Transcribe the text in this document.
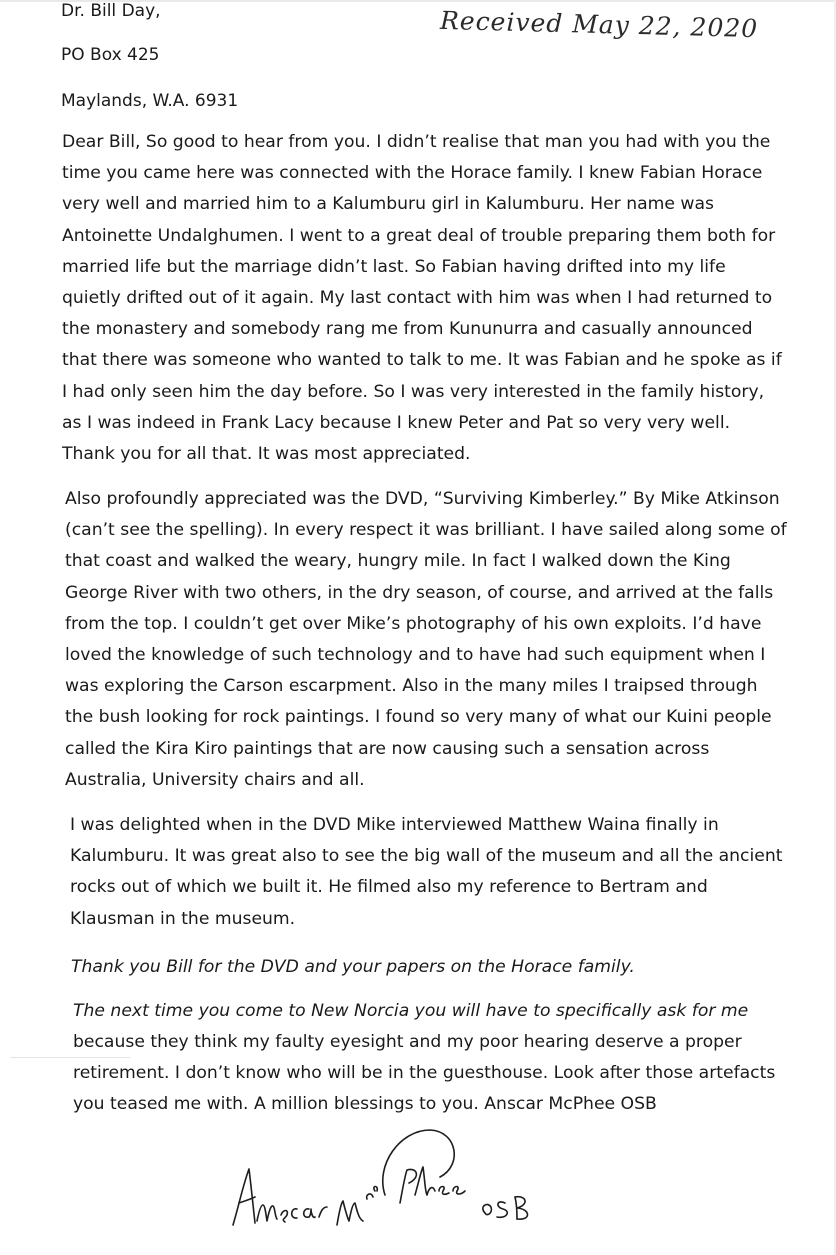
Dr. Bill Day,
PO Box 425
Maylands, W.A. 6931
Received May 22, 2020

Dear Bill, So good to hear from you. I didn’t realise that man you had with you the time you came here was connected with the Horace family. I knew Fabian Horace very well and married him to a Kalumburu girl in Kalumburu. Her name was Antoinette Undalghumen. I went to a great deal of trouble preparing them both for married life but the marriage didn’t last. So Fabian having drifted into my life quietly drifted out of it again. My last contact with him was when I had returned to the monastery and somebody rang me from Kununurra and casually announced that there was someone who wanted to talk to me. It was Fabian and he spoke as if I had only seen him the day before. So I was very interested in the family history, as I was indeed in Frank Lacy because I knew Peter and Pat so very very well. Thank you for all that. It was most appreciated.

Also profoundly appreciated was the DVD, “Surviving Kimberley.” By Mike Atkinson (can’t see the spelling). In every respect it was brilliant. I have sailed along some of that coast and walked the weary, hungry mile. In fact I walked down the King George River with two others, in the dry season, of course, and arrived at the falls from the top. I couldn’t get over Mike’s photography of his own exploits. I’d have loved the knowledge of such technology and to have had such equipment when I was exploring the Carson escarpment. Also in the many miles I traipsed through the bush looking for rock paintings. I found so very many of what our Kuini people called the Kira Kiro paintings that are now causing such a sensation across Australia, University chairs and all.

I was delighted when in the DVD Mike interviewed Matthew Waina finally in Kalumburu. It was great also to see the big wall of the museum and all the ancient rocks out of which we built it. He filmed also my reference to Bertram and Klausman in the museum.

Thank you Bill for the DVD and your papers on the Horace family.

The next time you come to New Norcia you will have to specifically ask for me because they think my faulty eyesight and my poor hearing deserve a proper retirement. I don’t know who will be in the guesthouse. Look after those artefacts you teased me with. A million blessings to you. Anscar McPhee OSB
